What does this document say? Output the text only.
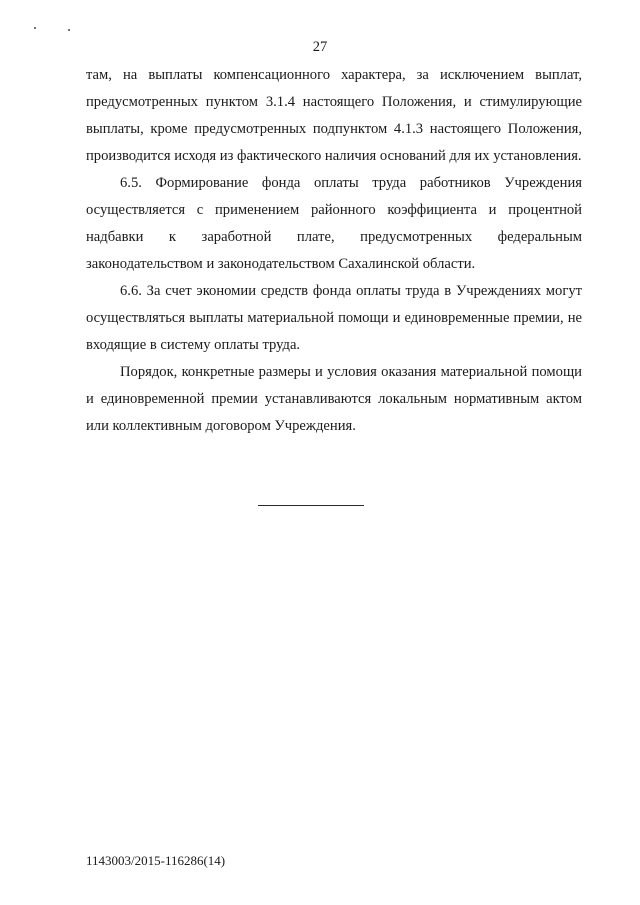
27

там, на выплаты компенсационного характера, за исключением выплат, предусмотренных пунктом 3.1.4 настоящего Положения, и стимулирующие выплаты, кроме предусмотренных подпунктом 4.1.3 настоящего Положения, производится исходя из фактического наличия оснований для их установления.

6.5. Формирование фонда оплаты труда работников Учреждения осуществляется с применением районного коэффициента и процентной надбавки к заработной плате, предусмотренных федеральным законодательством и законодательством Сахалинской области.

6.6. За счет экономии средств фонда оплаты труда в Учреждениях могут осуществляться выплаты материальной помощи и единовременные премии, не входящие в систему оплаты труда.

Порядок, конкретные размеры и условия оказания материальной помощи и единовременной премии устанавливаются локальным нормативным актом или коллективным договором Учреждения.

1143003/2015-116286(14)
